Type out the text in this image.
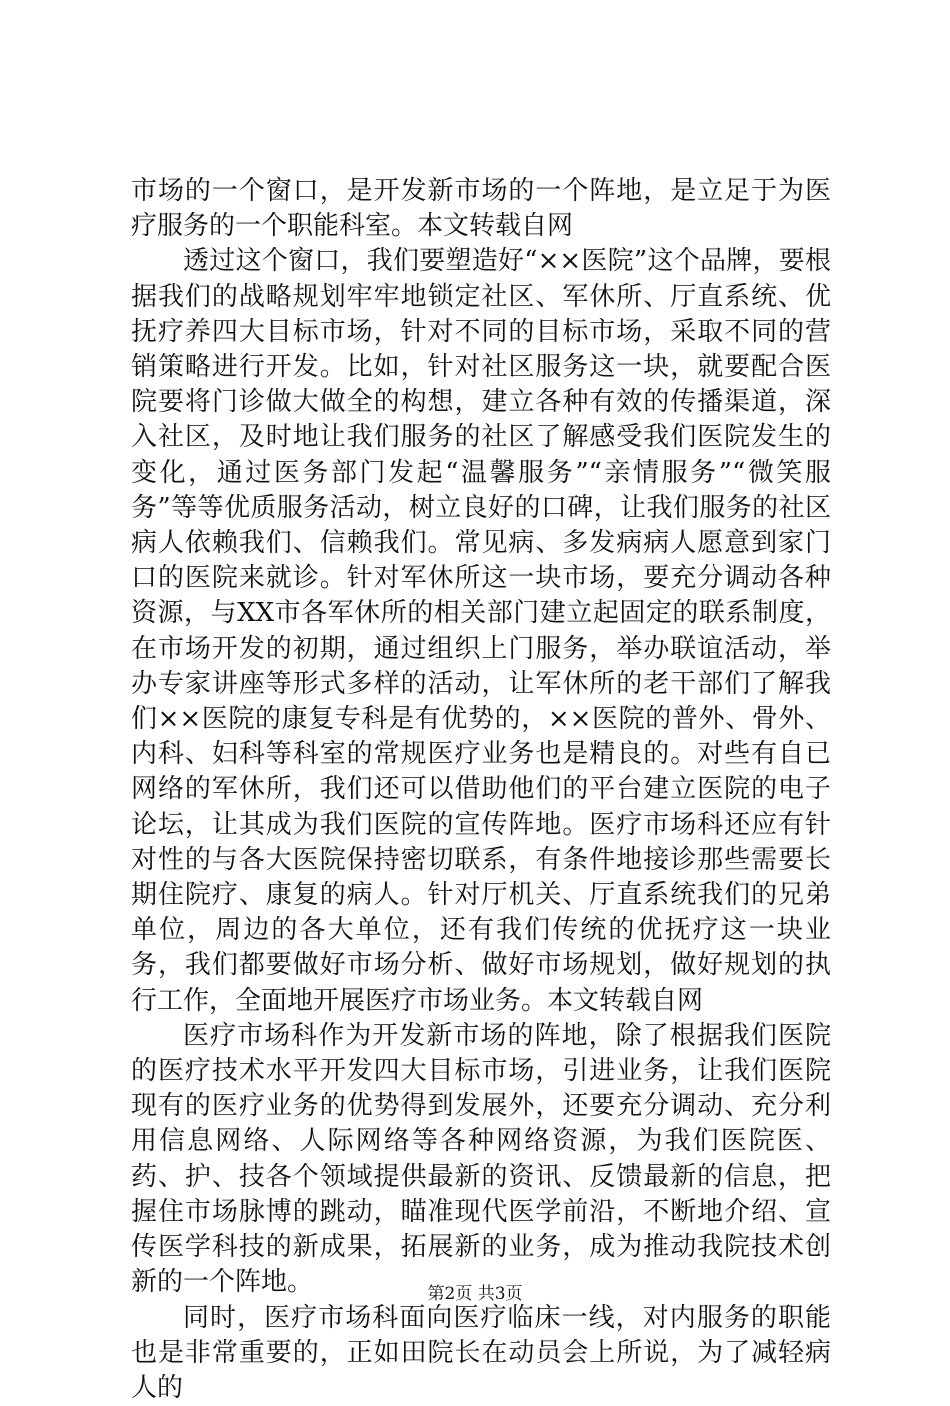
市场的一个窗口，是开发新市场的一个阵地，是立足于为医疗服务的一个职能科室。本文转载自网

透过这个窗口，我们要塑造好“××医院”这个品牌，要根据我们的战略规划牢牢地锁定社区、军休所、厅直系统、优抚疗养四大目标市场，针对不同的目标市场，采取不同的营销策略进行开发。比如，针对社区服务这一块，就要配合医院要将门诊做大做全的构想，建立各种有效的传播渠道，深入社区，及时地让我们服务的社区了解感受我们医院发生的变化，通过医务部门发起“温馨服务”“亲情服务”“微笑服务”等等优质服务活动，树立良好的口碑，让我们服务的社区病人依赖我们、信赖我们。常见病、多发病病人愿意到家门口的医院来就诊。针对军休所这一块市场，要充分调动各种资源，与XX市各军休所的相关部门建立起固定的联系制度，在市场开发的初期，通过组织上门服务，举办联谊活动，举办专家讲座等形式多样的活动，让军休所的老干部们了解我们××医院的康复专科是有优势的，××医院的普外、骨外、内科、妇科等科室的常规医疗业务也是精良的。对些有自已网络的军休所，我们还可以借助他们的平台建立医院的电子论坛，让其成为我们医院的宣传阵地。医疗市场科还应有针对性的与各大医院保持密切联系，有条件地接诊那些需要长期住院疗、康复的病人。针对厅机关、厅直系统我们的兄弟单位，周边的各大单位，还有我们传统的优抚疗这一块业务，我们都要做好市场分析、做好市场规划，做好规划的执行工作，全面地开展医疗市场业务。本文转载自网

医疗市场科作为开发新市场的阵地，除了根据我们医院的医疗技术水平开发四大目标市场，引进业务，让我们医院现有的医疗业务的优势得到发展外，还要充分调动、充分利用信息网络、人际网络等各种网络资源，为我们医院医、药、护、技各个领域提供最新的资讯、反馈最新的信息，把握住市场脉博的跳动，瞄准现代医学前沿，不断地介绍、宣传医学科技的新成果，拓展新的业务，成为推动我院技术创新的一个阵地。

同时，医疗市场科面向医疗临床一线，对内服务的职能也是非常重要的，正如田院长在动员会上所说，为了减轻病人的

第2页 共3页
